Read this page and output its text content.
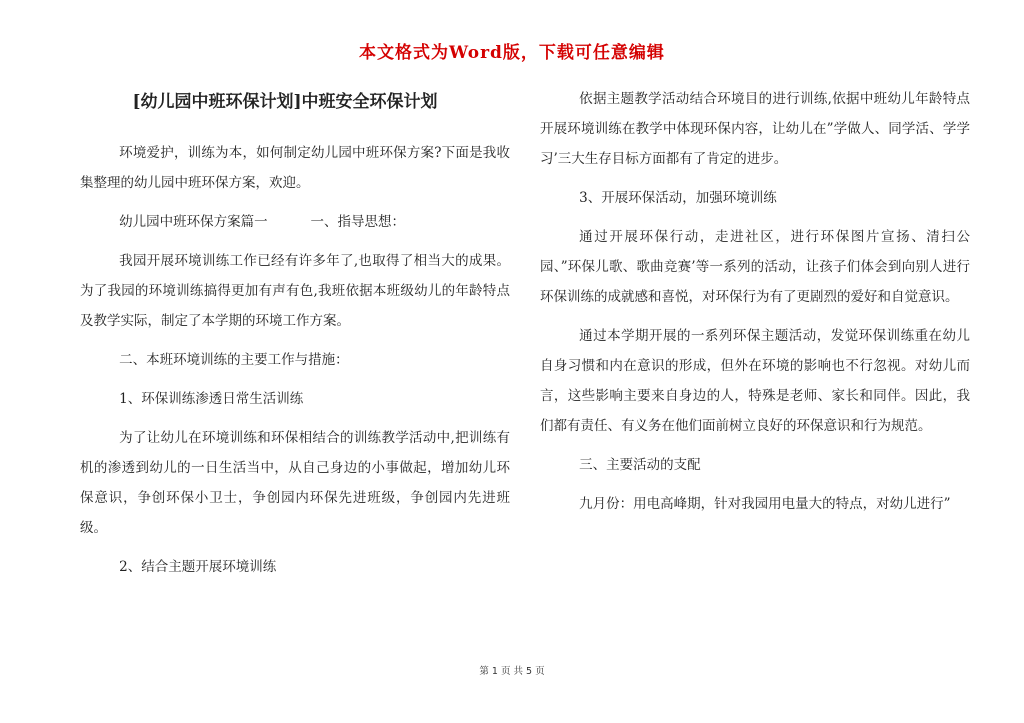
本文格式为Word版，下载可任意编辑
[幼儿园中班环保计划]中班安全环保计划

环境爱护，训练为本，如何制定幼儿园中班环保方案?下面是我收集整理的幼儿园中班环保方案，欢迎。

幼儿园中班环保方案篇一          一、指导思想：

我园开展环境训练工作已经有许多年了,也取得了相当大的成果。为了我园的环境训练搞得更加有声有色,我班依据本班级幼儿的年龄特点及教学实际，制定了本学期的环境工作方案。

二、本班环境训练的主要工作与措施：

1、环保训练渗透日常生活训练

为了让幼儿在环境训练和环保相结合的训练教学活动中,把训练有机的渗透到幼儿的一日生活当中，从自己身边的小事做起，增加幼儿环保意识，争创环保小卫士，争创园内环保先进班级，争创园内先进班级。

2、结合主题开展环境训练

依据主题教学活动结合环境目的进行训练,依据中班幼儿年龄特点开展环境训练在教学中体现环保内容，让幼儿在”学做人、同学活、学学习’三大生存目标方面都有了肯定的进步。

3、开展环保活动，加强环境训练

通过开展环保行动，走进社区，进行环保图片宣扬、清扫公园、”环保儿歌、歌曲竞赛’等一系列的活动，让孩子们体会到向别人进行环保训练的成就感和喜悦，对环保行为有了更剧烈的爱好和自觉意识。

通过本学期开展的一系列环保主题活动，发觉环保训练重在幼儿自身习惯和内在意识的形成，但外在环境的影响也不行忽视。对幼儿而言，这些影响主要来自身边的人，特殊是老师、家长和同伴。因此，我们都有责任、有义务在他们面前树立良好的环保意识和行为规范。

三、主要活动的支配

九月份：用电高峰期，针对我园用电量大的特点，对幼儿进行”

第 1 页 共 5 页
